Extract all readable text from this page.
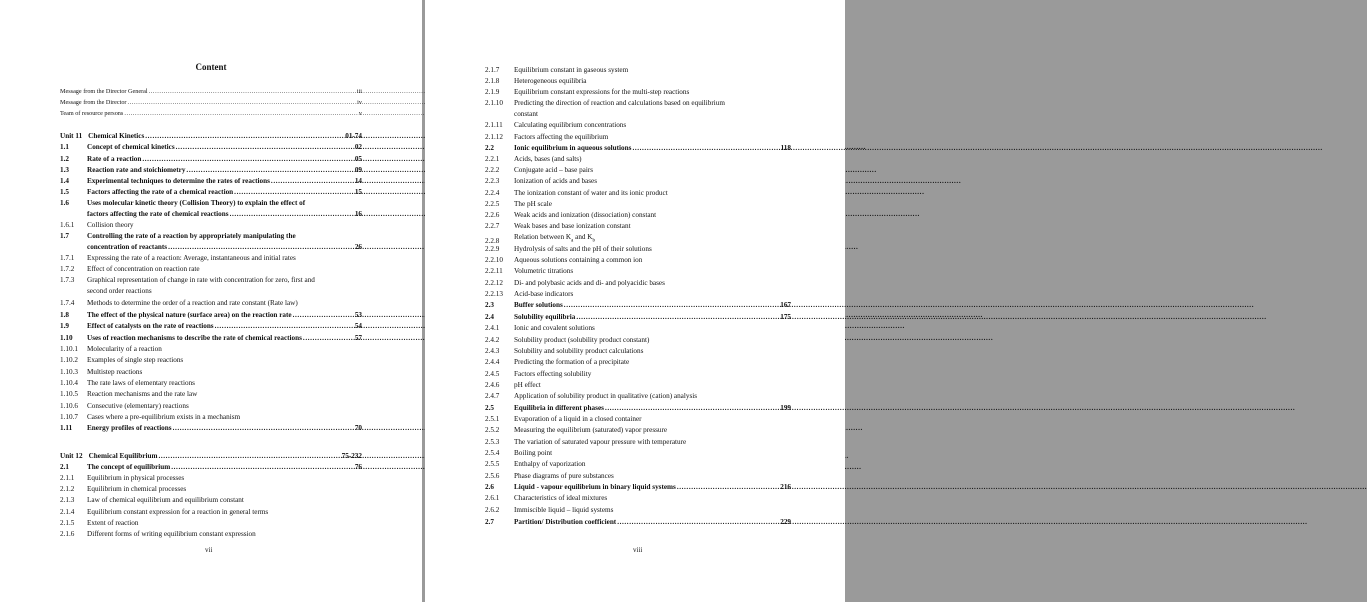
Content
Message from the Director General .....	iii
Message from the Director .....	iv
Team of resource persons .....	v
Unit 11 Chemical Kinetics .....	01-74
1.1	Concept of chemical kinetics .....	02
1.2	Rate of a reaction .....	05
1.3	Reaction rate and stoichiometry .....	09
1.4	Experimental techniques to determine the rates of reactions .....	14
1.5	Factors affecting the rate of a chemical reaction .....	15
1.6	Uses molecular kinetic theory (Collision Theory) to explain the effect of
factors affecting the rate of chemical reactions .....	16
1.6.1	Collision theory
1.7	Controlling the rate of a reaction by appropriately manipulating the
concentration of reactants .....	26
1.7.1	Expressing the rate of a reaction: Average, instantaneous and initial rates
1.7.2	Effect of concentration on reaction rate
1.7.3	Graphical representation of change in rate with concentration for zero, first and
second order reactions
1.7.4	Methods to determine the order of a reaction and rate constant (Rate law)
1.8	The effect of the physical nature (surface area) on the reaction rate .....	53
1.9	Effect of catalysts on the rate of reactions .....	54
1.10	Uses of reaction mechanisms to describe the rate of chemical reactions .....	57
1.10.1	Molecularity of a reaction
1.10.2	Examples of single step reactions
1.10.3	Multistep reactions
1.10.4	The rate laws of elementary reactions
1.10.5	Reaction mechanisms and the rate law
1.10.6	Consecutive (elementary) reactions
1.10.7	Cases where a pre-equilibrium exists in a mechanism
1.11	Energy profiles of reactions .....	70
Unit 12 Chemical Equilibrium .....	75-232
2.1	The concept of equilibrium .....	76
2.1.1	Equilibrium in physical processes
2.1.2	Equilibrium in chemical processes
2.1.3	Law of chemical equilibrium and equilibrium constant
2.1.4	Equilibrium constant expression for a reaction in general terms
2.1.5	Extent of reaction
2.1.6	Different forms of writing equilibrium constant expression
vii
2.1.7	Equilibrium constant in gaseous system
2.1.8	Heterogeneous equilibria
2.1.9	Equilibrium constant expressions for the multi-step reactions
2.1.10	Predicting the direction of reaction and calculations based on equilibrium
constant
2.1.11	Calculating equilibrium concentrations
2.1.12	Factors affecting the equilibrium
2.2	Ionic equilibrium in aqueous solutions .....	118
2.2.1	Acids, bases (and salts)
2.2.2	Conjugate acid – base pairs
2.2.3	Ionization of acids and bases
2.2.4	The ionization constant of water and its ionic product
2.2.5	The pH scale
2.2.6	Weak acids and ionization (dissociation) constant
2.2.7	Weak bases and base ionization constant
2.2.8
Relation between $K_a$ and $K_b$
2.2.9	Hydrolysis of salts and the pH of their solutions
2.2.10	Aqueous solutions containing a common ion
2.2.11	Volumetric titrations
2.2.12	Di- and polybasic acids and di- and polyacidic bases
2.2.13	Acid-base indicators
2.3	Buffer solutions .....	167
2.4	Solubility equilibria .....	175
2.4.1	Ionic and covalent solutions
2.4.2	Solubility product (solubility product constant)
2.4.3	Solubility and solubility product calculations
2.4.4	Predicting the formation of a precipitate
2.4.5	Factors effecting solubility
2.4.6	pH effect
2.4.7	Application of solubility product in qualitative (cation) analysis
2.5	Equilibria in different phases .....	199
2.5.1	Evaporation of a liquid in a closed container
2.5.2	Measuring the equilibrium (saturated) vapor pressure
2.5.3	The variation of saturated vapour pressure with temperature
2.5.4	Boiling point
2.5.5	Enthalpy of vaporization
2.5.6	Phase diagrams of pure substances
2.6	Liquid - vapour equilibrium in binary liquid systems .....	216
2.6.1	Characteristics of ideal mixtures
2.6.2	Immiscible liquid – liquid systems
2.7	Partition/ Distribution coefficient .....	229
viii
